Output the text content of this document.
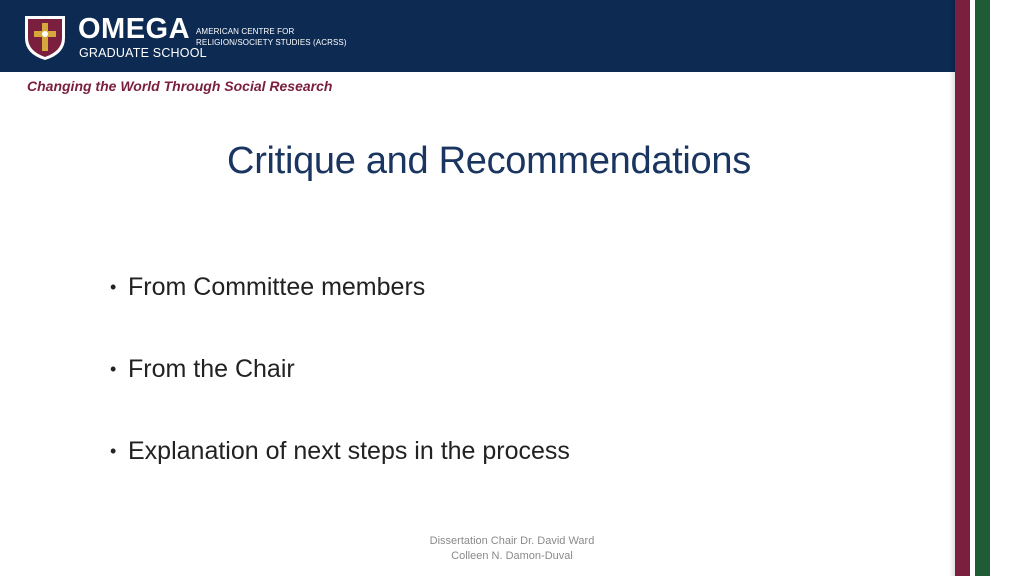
OMEGA
GRADUATE SCHOOL
AMERICAN CENTRE FOR
RELIGION/SOCIETY STUDIES (ACRSS)
Changing the World Through Social Research
Critique and Recommendations
• From Committee members
• From the Chair
• Explanation of next steps in the process
Dissertation Chair Dr. David Ward
Colleen N. Damon-Duval
